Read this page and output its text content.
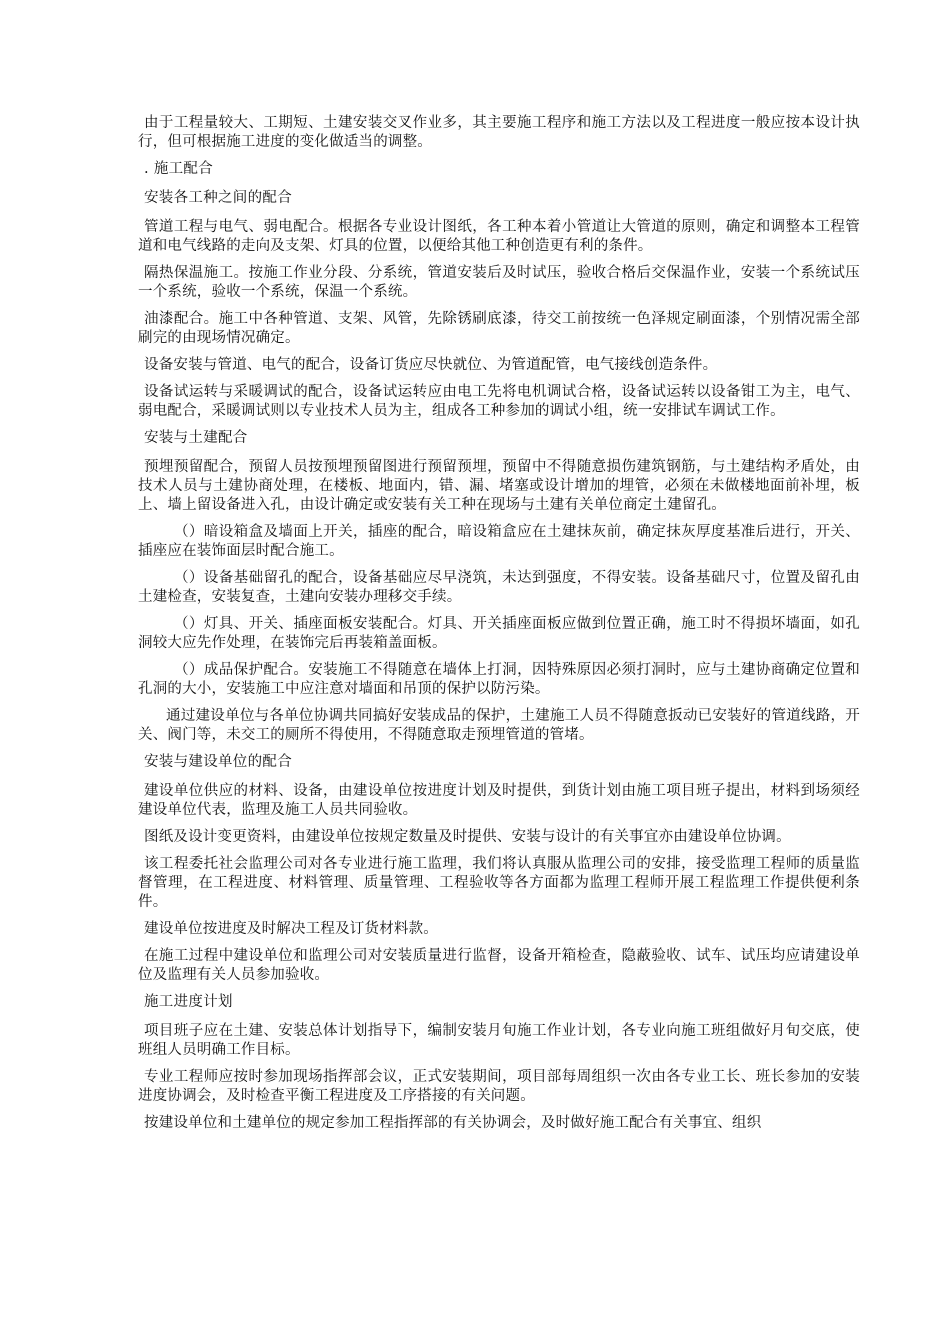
由于工程量较大、工期短、土建安装交叉作业多，其主要施工程序和施工方法以及工程进度一般应按本设计执行，但可根据施工进度的变化做适当的调整。

. 施工配合

安装各工种之间的配合

管道工程与电气、弱电配合。根据各专业设计图纸，各工种本着小管道让大管道的原则，确定和调整本工程管道和电气线路的走向及支架、灯具的位置，以便给其他工种创造更有利的条件。

隔热保温施工。按施工作业分段、分系统，管道安装后及时试压，验收合格后交保温作业，安装一个系统试压一个系统，验收一个系统，保温一个系统。

油漆配合。施工中各种管道、支架、风管，先除锈刷底漆，待交工前按统一色泽规定刷面漆，个别情况需全部刷完的由现场情况确定。

设备安装与管道、电气的配合，设备订货应尽快就位、为管道配管，电气接线创造条件。

设备试运转与采暖调试的配合，设备试运转应由电工先将电机调试合格，设备试运转以设备钳工为主，电气、弱电配合，采暖调试则以专业技术人员为主，组成各工种参加的调试小组，统一安排试车调试工作。

安装与土建配合

预埋预留配合，预留人员按预埋预留图进行预留预埋，预留中不得随意损伤建筑钢筋，与土建结构矛盾处，由技术人员与土建协商处理，在楼板、地面内，错、漏、堵塞或设计增加的埋管，必须在未做楼地面前补埋，板上、墙上留设备进入孔，由设计确定或安装有关工种在现场与土建有关单位商定土建留孔。

（）暗设箱盒及墙面上开关，插座的配合，暗设箱盒应在土建抹灰前，确定抹灰厚度基准后进行，开关、插座应在装饰面层时配合施工。

（）设备基础留孔的配合，设备基础应尽早浇筑，未达到强度，不得安装。设备基础尺寸，位置及留孔由土建检查，安装复查，土建向安装办理移交手续。

（）灯具、开关、插座面板安装配合。灯具、开关插座面板应做到位置正确，施工时不得损坏墙面，如孔洞较大应先作处理，在装饰完后再装箱盖面板。

（）成品保护配合。安装施工不得随意在墙体上打洞，因特殊原因必须打洞时，应与土建协商确定位置和孔洞的大小，安装施工中应注意对墙面和吊顶的保护以防污染。

通过建设单位与各单位协调共同搞好安装成品的保护，土建施工人员不得随意扳动已安装好的管道线路，开关、阀门等，未交工的厕所不得使用，不得随意取走预埋管道的管堵。

安装与建设单位的配合

建设单位供应的材料、设备，由建设单位按进度计划及时提供，到货计划由施工项目班子提出，材料到场须经建设单位代表，监理及施工人员共同验收。

图纸及设计变更资料，由建设单位按规定数量及时提供、安装与设计的有关事宜亦由建设单位协调。

该工程委托社会监理公司对各专业进行施工监理，我们将认真服从监理公司的安排，接受监理工程师的质量监督管理，在工程进度、材料管理、质量管理、工程验收等各方面都为监理工程师开展工程监理工作提供便利条件。

建设单位按进度及时解决工程及订货材料款。

在施工过程中建设单位和监理公司对安装质量进行监督，设备开箱检查，隐蔽验收、试车、试压均应请建设单位及监理有关人员参加验收。

施工进度计划

项目班子应在土建、安装总体计划指导下，编制安装月旬施工作业计划，各专业向施工班组做好月旬交底，使班组人员明确工作目标。

专业工程师应按时参加现场指挥部会议，正式安装期间，项目部每周组织一次由各专业工长、班长参加的安装进度协调会，及时检查平衡工程进度及工序搭接的有关问题。

按建设单位和土建单位的规定参加工程指挥部的有关协调会，及时做好施工配合有关事宜、组织
